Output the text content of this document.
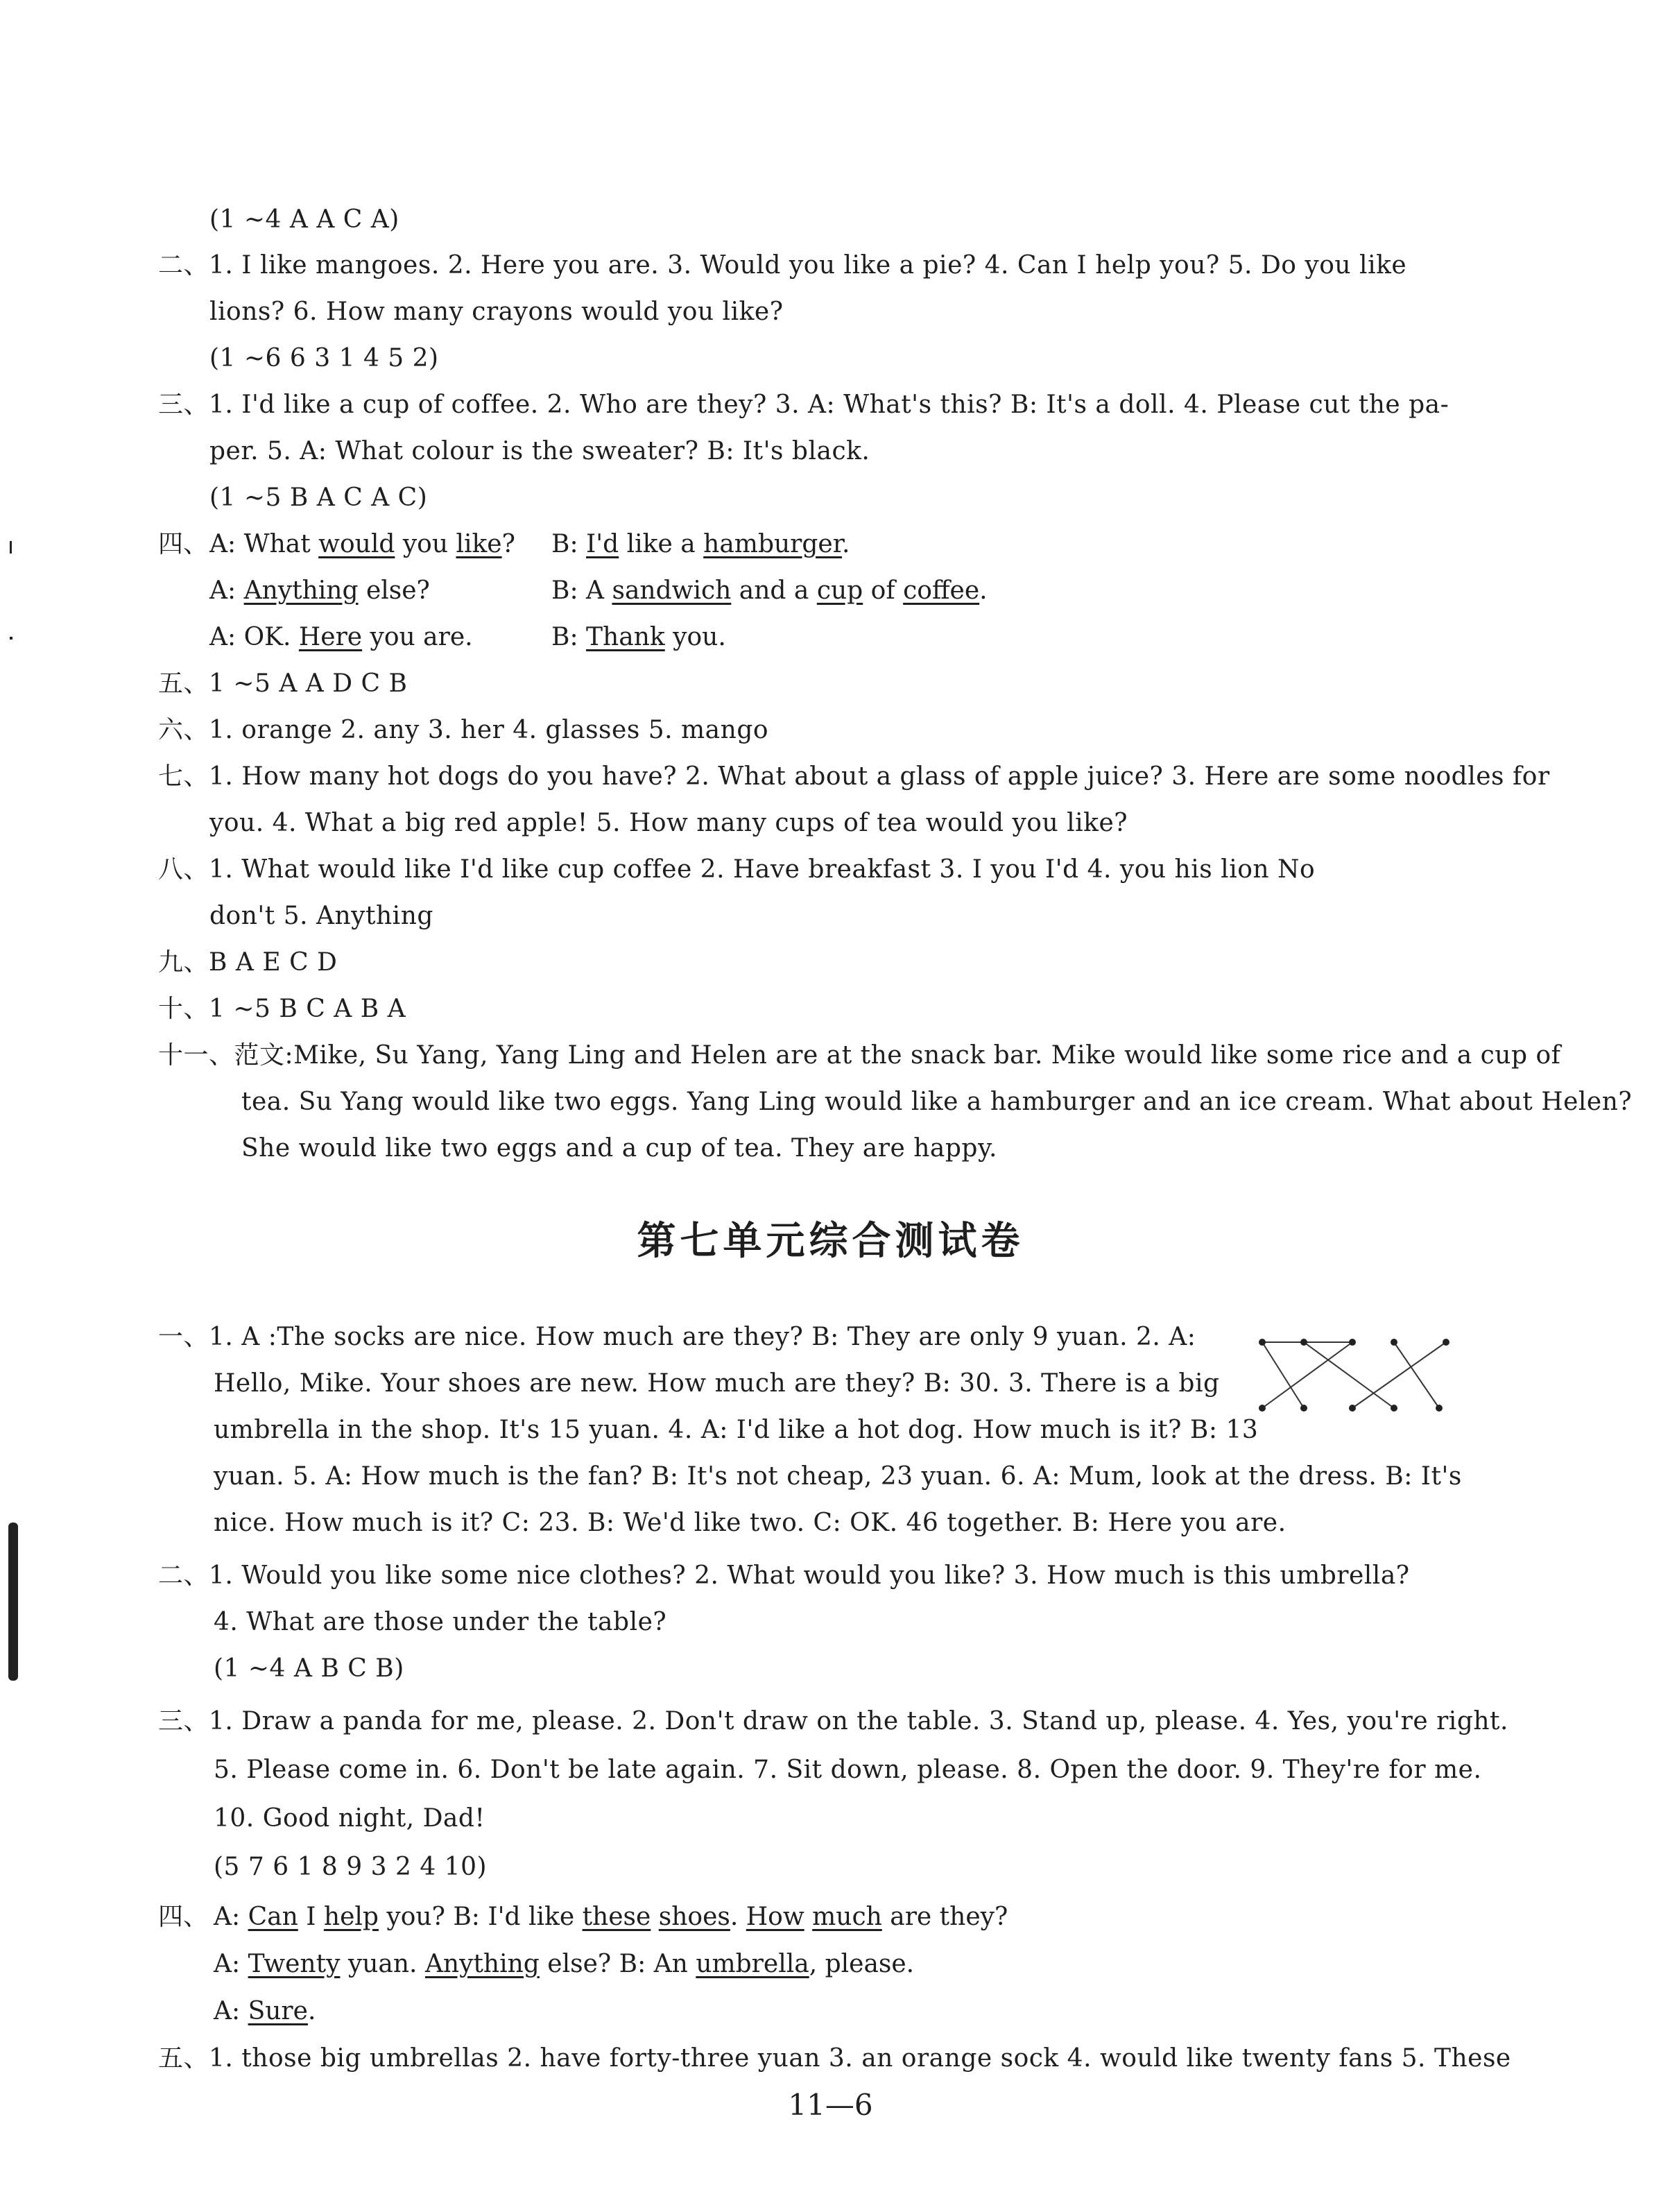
(1 ~4 A A C A)
二、1. I like mangoes. 2. Here you are. 3. Would you like a pie? 4. Can I help you? 5. Do you like
lions? 6. How many crayons would you like?
(1 ~6 6 3 1 4 5 2)
三、1. I'd like a cup of coffee. 2. Who are they? 3. A: What's this? B: It's a doll. 4. Please cut the pa-
per. 5. A: What colour is the sweater? B: It's black.
(1 ~5 B A C A C)
四、 A: What would you like? B: I'd like a hamburger.
A: Anything else?	B: A sandwich and a cup of coffee.
A: OK. Here you are.	B: Thank you.
五、1 ~5 A A D C B
六、1. orange 2. any 3. her 4. glasses 5. mango
七、1. How many hot dogs do you have? 2. What about a glass of apple juice? 3. Here are some noodles for
you. 4. What a big red apple! 5. How many cups of tea would you like?
八、1. What would like I'd like cup coffee 2. Have breakfast 3. I you I'd 4. you his lion No
don't 5. Anything
九、B A E C D
十、1 ~5 B C A B A
十一、范文:Mike, Su Yang, Yang Ling and Helen are at the snack bar. Mike would like some rice and a cup of
tea. Su Yang would like two eggs. Yang Ling would like a hamburger and an ice cream. What about Helen?
She would like two eggs and a cup of tea. They are happy.
第七单元综合测试卷
一、1. A :The socks are nice. How much are they? B: They are only 9 yuan. 2. A:
Hello, Mike. Your shoes are new. How much are they? B: 30. 3. There is a big
umbrella in the shop. It's 15 yuan. 4. A: I'd like a hot dog. How much is it? B: 13
yuan. 5. A: How much is the fan? B: It's not cheap, 23 yuan. 6. A: Mum, look at the dress. B: It's
nice. How much is it? C: 23. B: We'd like two. C: OK. 46 together. B: Here you are.
二、1. Would you like some nice clothes? 2. What would you like? 3. How much is this umbrella?
4. What are those under the table?
(1 ~4 A B C B)
三、1. Draw a panda for me, please. 2. Don't draw on the table. 3. Stand up, please. 4. Yes, you're right.
5. Please come in. 6. Don't be late again. 7. Sit down, please. 8. Open the door. 9. They're for me.
10. Good night, Dad!
(5 7 6 1 8 9 3 2 4 10)
四、 A: Can I help you? B: I'd like these shoes. How much are they?
A: Twenty yuan. Anything else? B: An umbrella, please.
A: Sure.
五、1. those big umbrellas 2. have forty-three yuan 3. an orange sock 4. would like twenty fans 5. These
11—6
